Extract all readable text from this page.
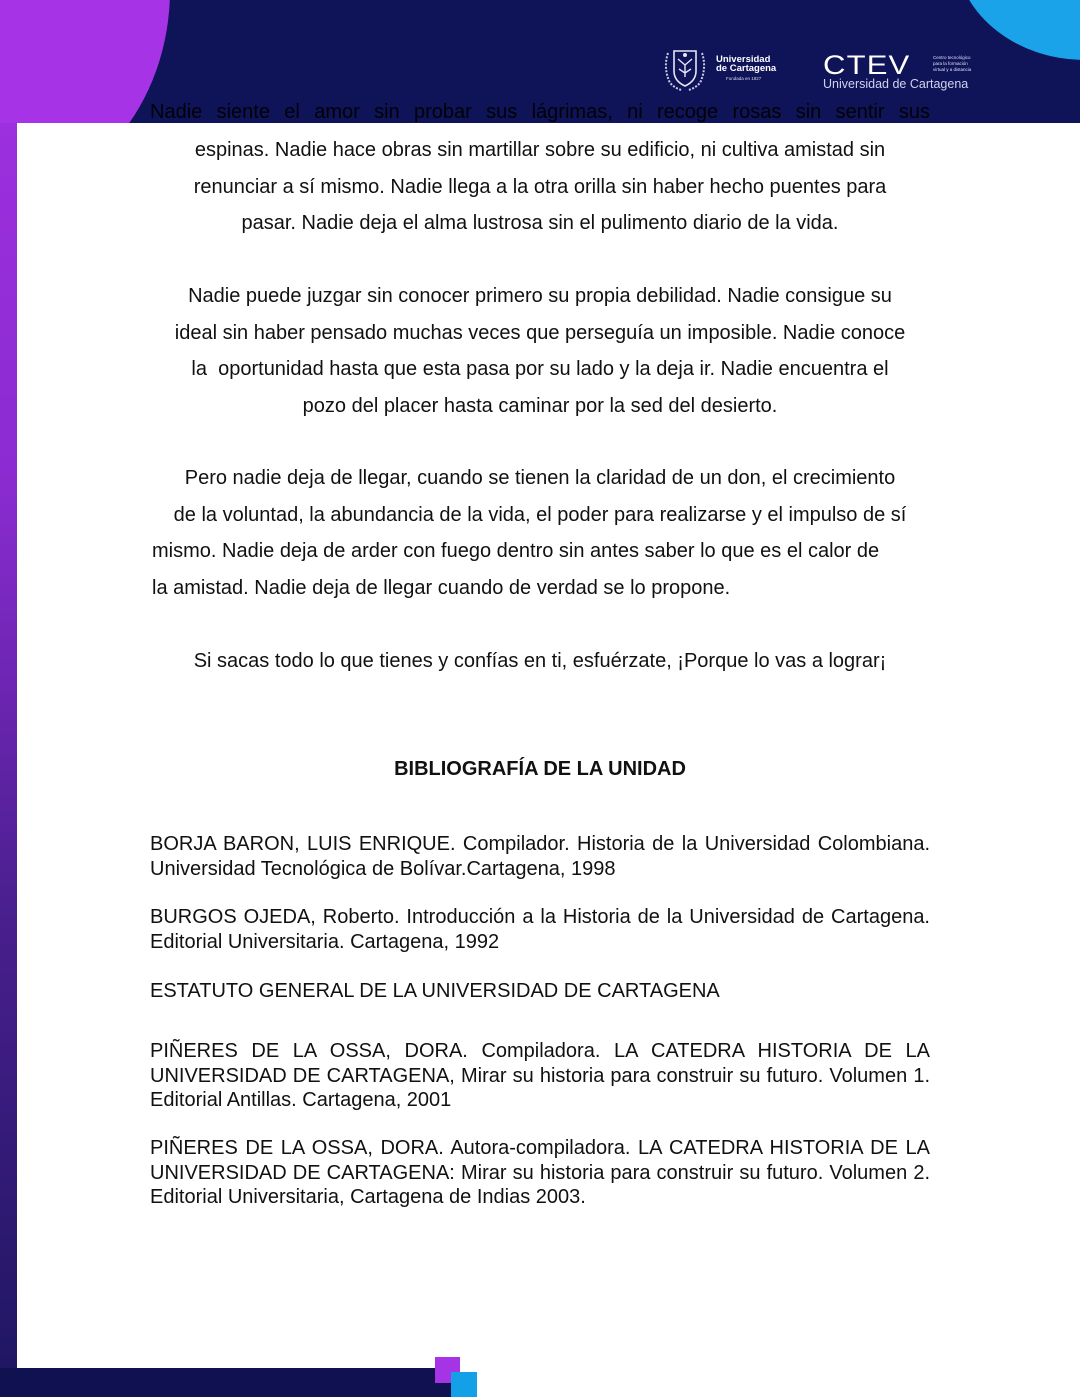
Universidad
de Cartagena
Fundada en 1827	CTEV	Centro tecnológico
para la formación
virtual y a distancia
Universidad de Cartagena
Nadie siente el amor sin probar sus lágrimas, ni recoge rosas sin sentir sus

espinas. Nadie hace obras sin martillar sobre su edificio, ni cultiva amistad sin

renunciar a sí mismo. Nadie llega a la otra orilla sin haber hecho puentes para

pasar. Nadie deja el alma lustrosa sin el pulimento diario de la vida.

Nadie puede juzgar sin conocer primero su propia debilidad. Nadie consigue su

ideal sin haber pensado muchas veces que perseguía un imposible. Nadie conoce

la  oportunidad hasta que esta pasa por su lado y la deja ir. Nadie encuentra el

pozo del placer hasta caminar por la sed del desierto.

Pero nadie deja de llegar, cuando se tienen la claridad de un don, el crecimiento

de la voluntad, la abundancia de la vida, el poder para realizarse y el impulso de sí

mismo. Nadie deja de arder con fuego dentro sin antes saber lo que es el calor de

la amistad. Nadie deja de llegar cuando de verdad se lo propone.

Si sacas todo lo que tienes y confías en ti, esfuérzate, ¡Porque lo vas a lograr¡

BIBLIOGRAFÍA DE LA UNIDAD

BORJA BARON, LUIS ENRIQUE. Compilador. Historia de la Universidad Colombiana. Universidad Tecnológica de Bolívar.Cartagena, 1998

BURGOS OJEDA, Roberto. Introducción a la Historia de la Universidad de Cartagena. Editorial Universitaria. Cartagena, 1992

ESTATUTO GENERAL DE LA UNIVERSIDAD DE CARTAGENA

PIÑERES DE LA OSSA, DORA. Compiladora. LA CATEDRA HISTORIA DE LA UNIVERSIDAD DE CARTAGENA, Mirar su historia para construir su futuro. Volumen 1. Editorial Antillas. Cartagena, 2001

PIÑERES DE LA OSSA, DORA. Autora-compiladora. LA CATEDRA HISTORIA DE LA UNIVERSIDAD DE CARTAGENA: Mirar su historia para construir su futuro. Volumen 2. Editorial Universitaria, Cartagena de Indias 2003.
